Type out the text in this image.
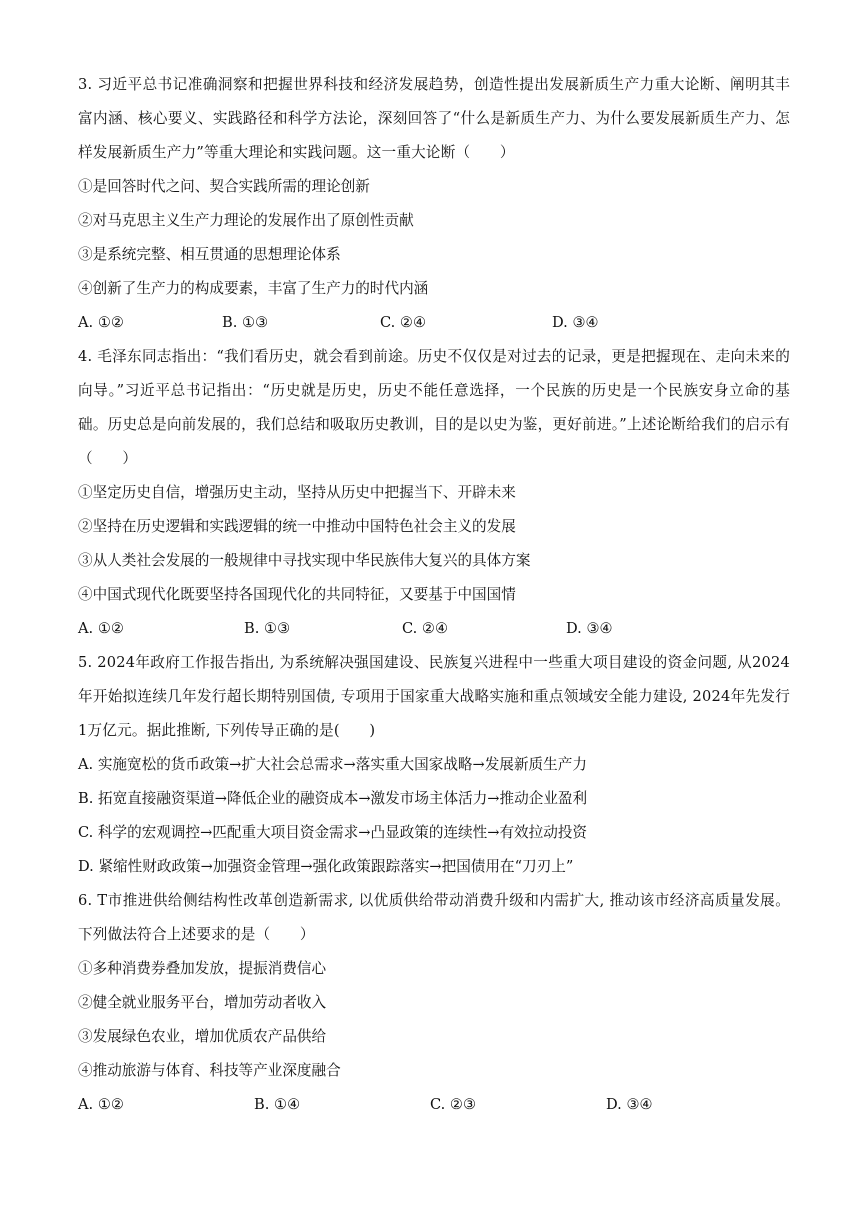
3. 习近平总书记准确洞察和把握世界科技和经济发展趋势，创造性提出发展新质生产力重大论断、阐明其丰富内涵、核心要义、实践路径和科学方法论，深刻回答了“什么是新质生产力、为什么要发展新质生产力、怎样发展新质生产力”等重大理论和实践问题。这一重大论断（　　）

①是回答时代之问、契合实践所需的理论创新

②对马克思主义生产力理论的发展作出了原创性贡献

③是系统完整、相互贯通的思想理论体系

④创新了生产力的构成要素，丰富了生产力的时代内涵

A. ①②	B. ①③	C. ②④	D. ③④

4. 毛泽东同志指出：“我们看历史，就会看到前途。历史不仅仅是对过去的记录，更是把握现在、走向未来的向导。”习近平总书记指出：“历史就是历史，历史不能任意选择，一个民族的历史是一个民族安身立命的基础。历史总是向前发展的，我们总结和吸取历史教训，目的是以史为鉴，更好前进。”上述论断给我们的启示有（　　）

①坚定历史自信，增强历史主动，坚持从历史中把握当下、开辟未来

②坚持在历史逻辑和实践逻辑的统一中推动中国特色社会主义的发展

③从人类社会发展的一般规律中寻找实现中华民族伟大复兴的具体方案

④中国式现代化既要坚持各国现代化的共同特征，又要基于中国国情

A. ①②	B. ①③	C. ②④	D. ③④

5. 2024年政府工作报告指出, 为系统解决强国建设、民族复兴进程中一些重大项目建设的资金问题, 从2024年开始拟连续几年发行超长期特别国债, 专项用于国家重大战略实施和重点领域安全能力建设, 2024年先发行1万亿元。据此推断, 下列传导正确的是(　　)

A. 实施宽松的货币政策→扩大社会总需求→落实重大国家战略→发展新质生产力

B. 拓宽直接融资渠道→降低企业的融资成本→激发市场主体活力→推动企业盈利

C. 科学的宏观调控→匹配重大项目资金需求→凸显政策的连续性→有效拉动投资

D. 紧缩性财政政策→加强资金管理→强化政策跟踪落实→把国债用在“刀刃上”

6. T市推进供给侧结构性改革创造新需求, 以优质供给带动消费升级和内需扩大, 推动该市经济高质量发展。下列做法符合上述要求的是（　　）

①多种消费券叠加发放，提振消费信心

②健全就业服务平台，增加劳动者收入

③发展绿色农业，增加优质农产品供给

④推动旅游与体育、科技等产业深度融合

A. ①②	B. ①④	C. ②③	D. ③④
